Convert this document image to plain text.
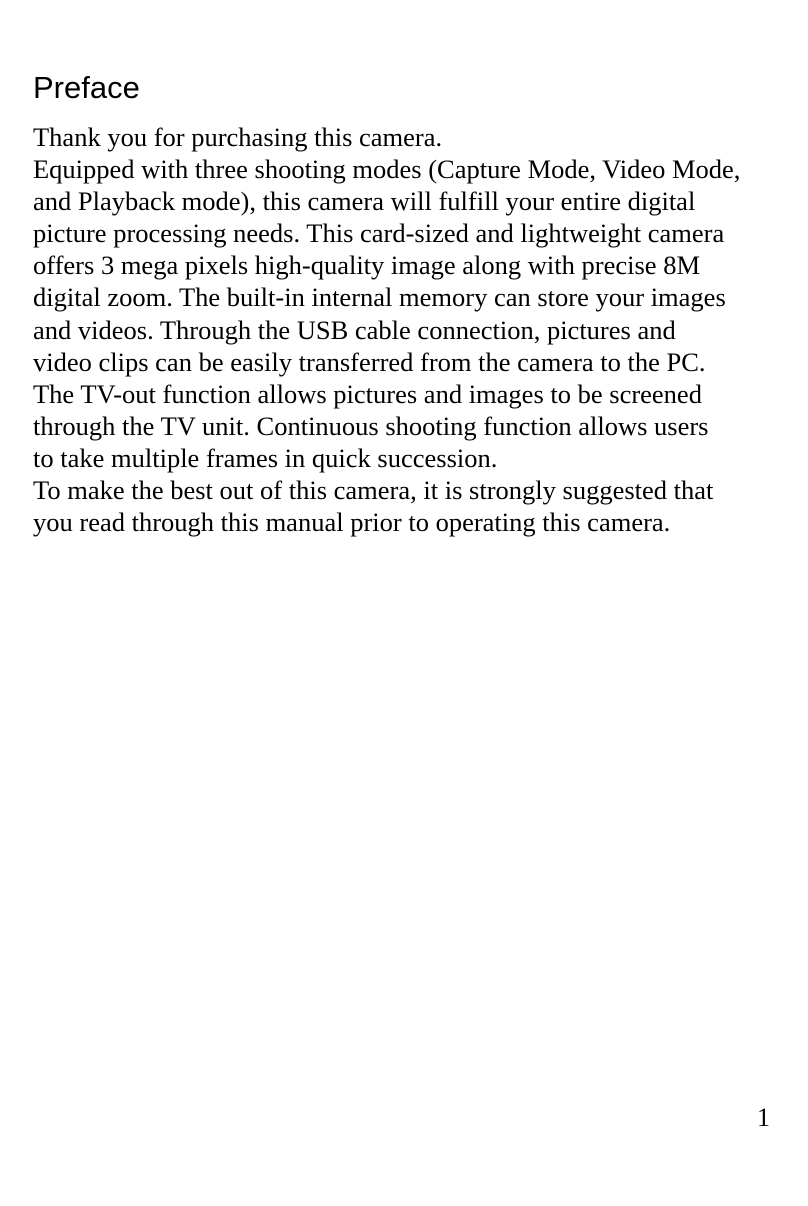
Preface
Thank you for purchasing this camera.
Equipped with three shooting modes (Capture Mode, Video Mode,
and Playback mode), this camera will fulfill your entire digital
picture processing needs. This card-sized and lightweight camera
offers 3 mega pixels high-quality image along with precise 8M
digital zoom. The built-in internal memory can store your images
and videos. Through the USB cable connection, pictures and
video clips can be easily transferred from the camera to the PC.
The TV-out function allows pictures and images to be screened
through the TV unit. Continuous shooting function allows users
to take multiple frames in quick succession.
To make the best out of this camera, it is strongly suggested that
you read through this manual prior to operating this camera.
1
